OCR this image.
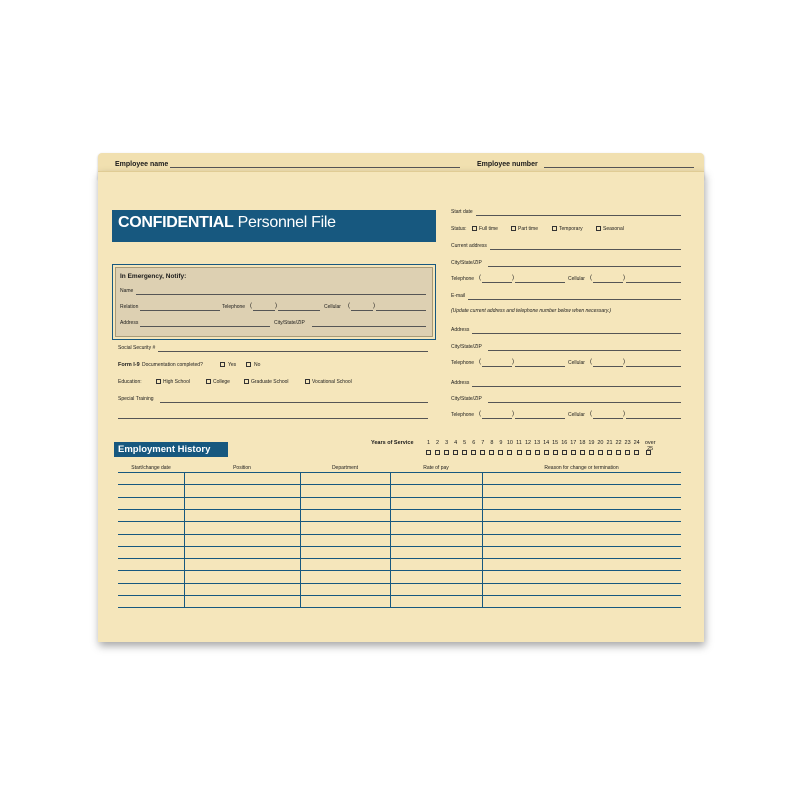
Employee name	Employee number
CONFIDENTIAL Personnel File
In Emergency, Notify:
Name
Relation	Telephone (	)	Cellular (	)
Address	City/State/ZIP
Social Security #
Form I-9 Documentation completed?	Yes	No
Education:	High School	College	Graduate School	Vocational School
Special Training
Start date
Status: Full time	Part time	Temporary	Seasonal
Current address
City/State/ZIP
Telephone (	)	Cellular (	)
E-mail
(Update current address and telephone number below when necessary.)
Address
City/State/ZIP
Telephone (	)	Cellular (	)
Address
City/State/ZIP
Telephone (	)	Cellular (	)
Employment History
Years of Service
Start/change date	Position	Department	Rate of pay	Reason for change or termination
1	2	3	4	5	6	7	8	9 10 11 12 13 14 15 16 17 18 19 20 21 22 23 24 over 25
